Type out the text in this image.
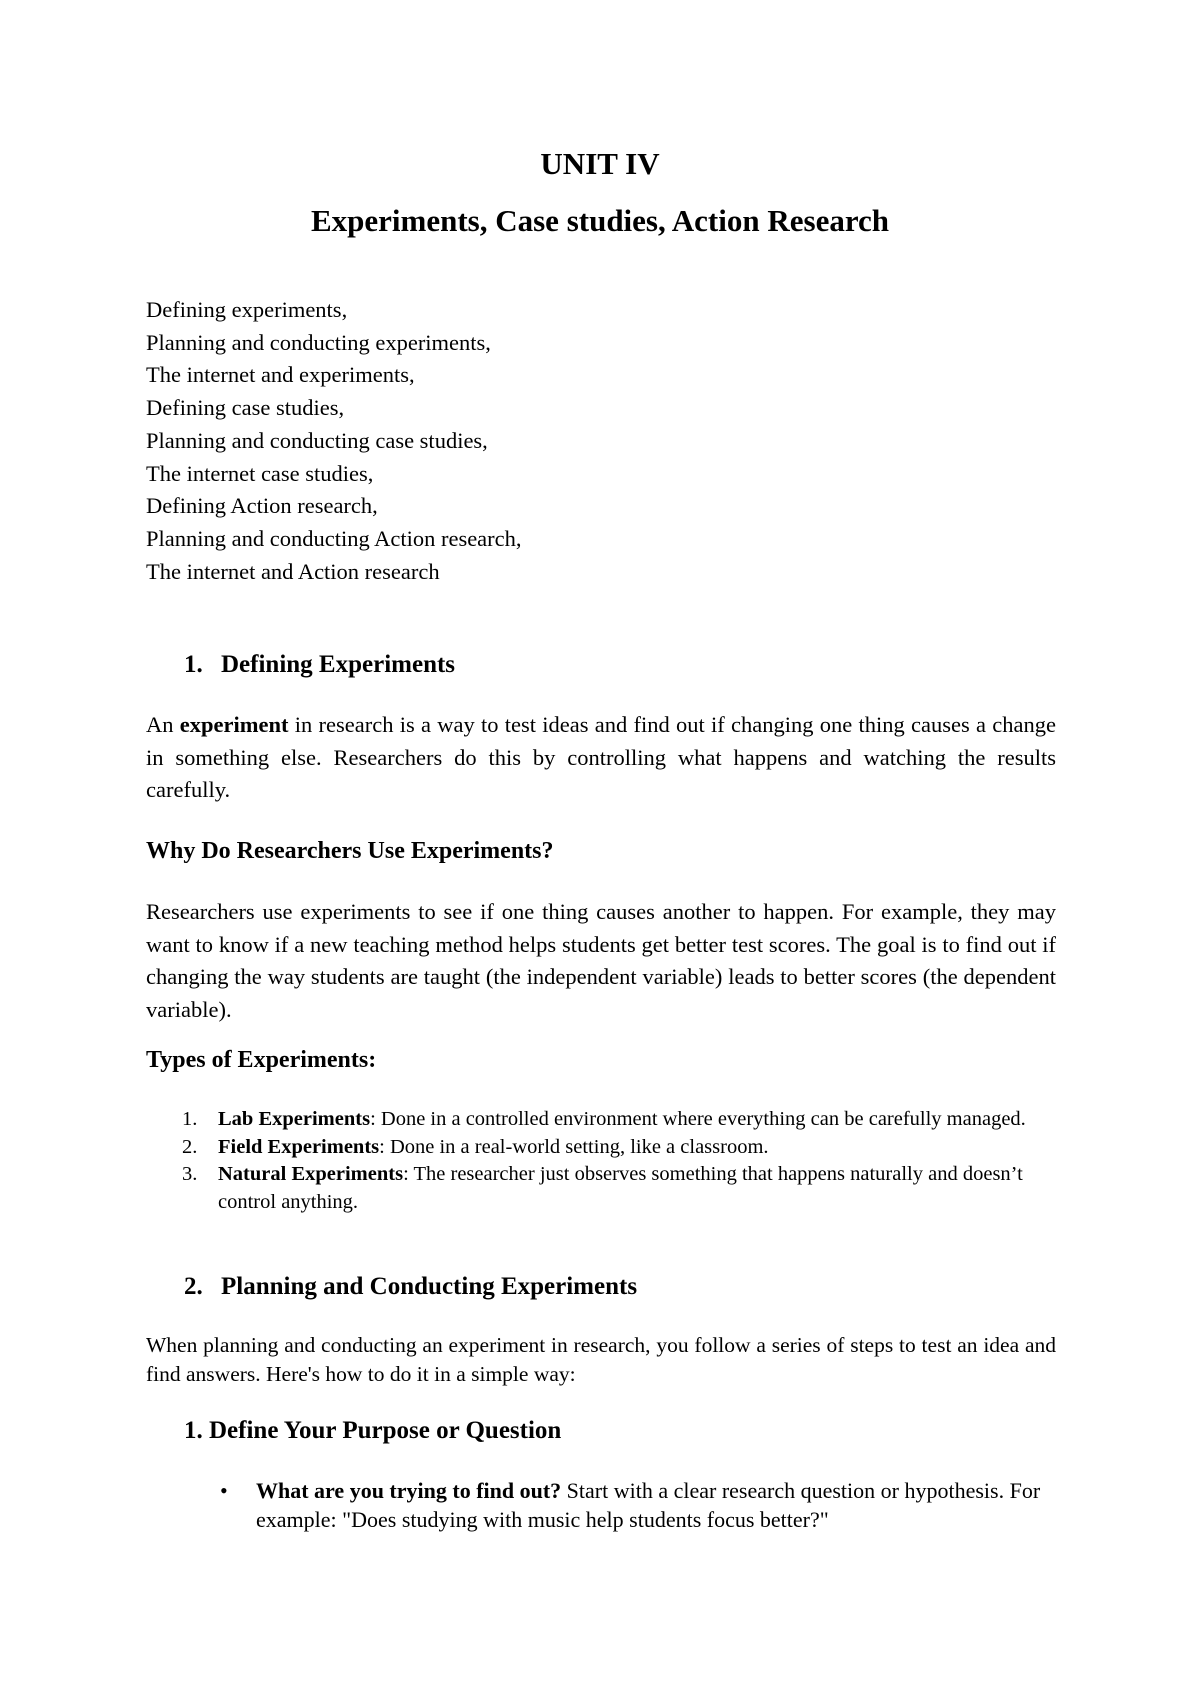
UNIT IV
Experiments, Case studies, Action Research
Defining experiments,
Planning and conducting experiments,
The internet and experiments,
Defining case studies,
Planning and conducting case studies,
The internet case studies,
Defining Action research,
Planning and conducting Action research,
The internet and Action research
1. Defining Experiments
An experiment in research is a way to test ideas and find out if changing one thing causes a change in something else. Researchers do this by controlling what happens and watching the results carefully.
Why Do Researchers Use Experiments?
Researchers use experiments to see if one thing causes another to happen. For example, they may want to know if a new teaching method helps students get better test scores. The goal is to find out if changing the way students are taught (the independent variable) leads to better scores (the dependent variable).
Types of Experiments:
1. Lab Experiments: Done in a controlled environment where everything can be carefully managed.
2. Field Experiments: Done in a real-world setting, like a classroom.
3. Natural Experiments: The researcher just observes something that happens naturally and doesn’t control anything.
2. Planning and Conducting Experiments
When planning and conducting an experiment in research, you follow a series of steps to test an idea and find answers. Here's how to do it in a simple way:
1. Define Your Purpose or Question
• What are you trying to find out? Start with a clear research question or hypothesis. For example: "Does studying with music help students focus better?"
